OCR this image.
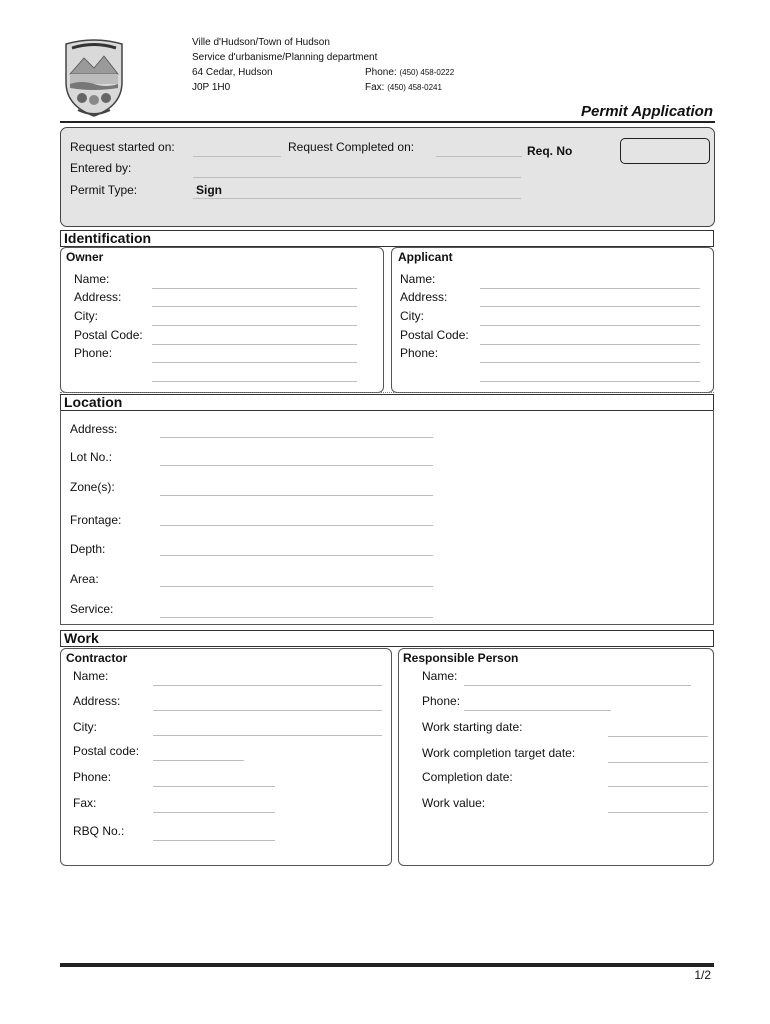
Ville d'Hudson/Town of Hudson
Service d'urbanisme/Planning department
64 Cedar, Hudson
J0P 1H0
Phone: (450) 458-0222
Fax: (450) 458-0241
Permit Application
Request started on:	Request Completed on:	Req. No
Entered by:
Permit Type:	Sign
Identification
Owner
Name:
Address:
City:
Postal Code:
Phone:
Applicant
Name:
Address:
City:
Postal Code:
Phone:
Location
Address:
Lot No.:
Zone(s):
Frontage:
Depth:
Area:
Service:
Work
Contractor
Name:
Address:
City:
Postal code:
Phone:
Fax:
RBQ No.:
Responsible Person
Name:
Phone:
Work starting date:
Work completion target date:
Completion date:
Work value:
1/2
